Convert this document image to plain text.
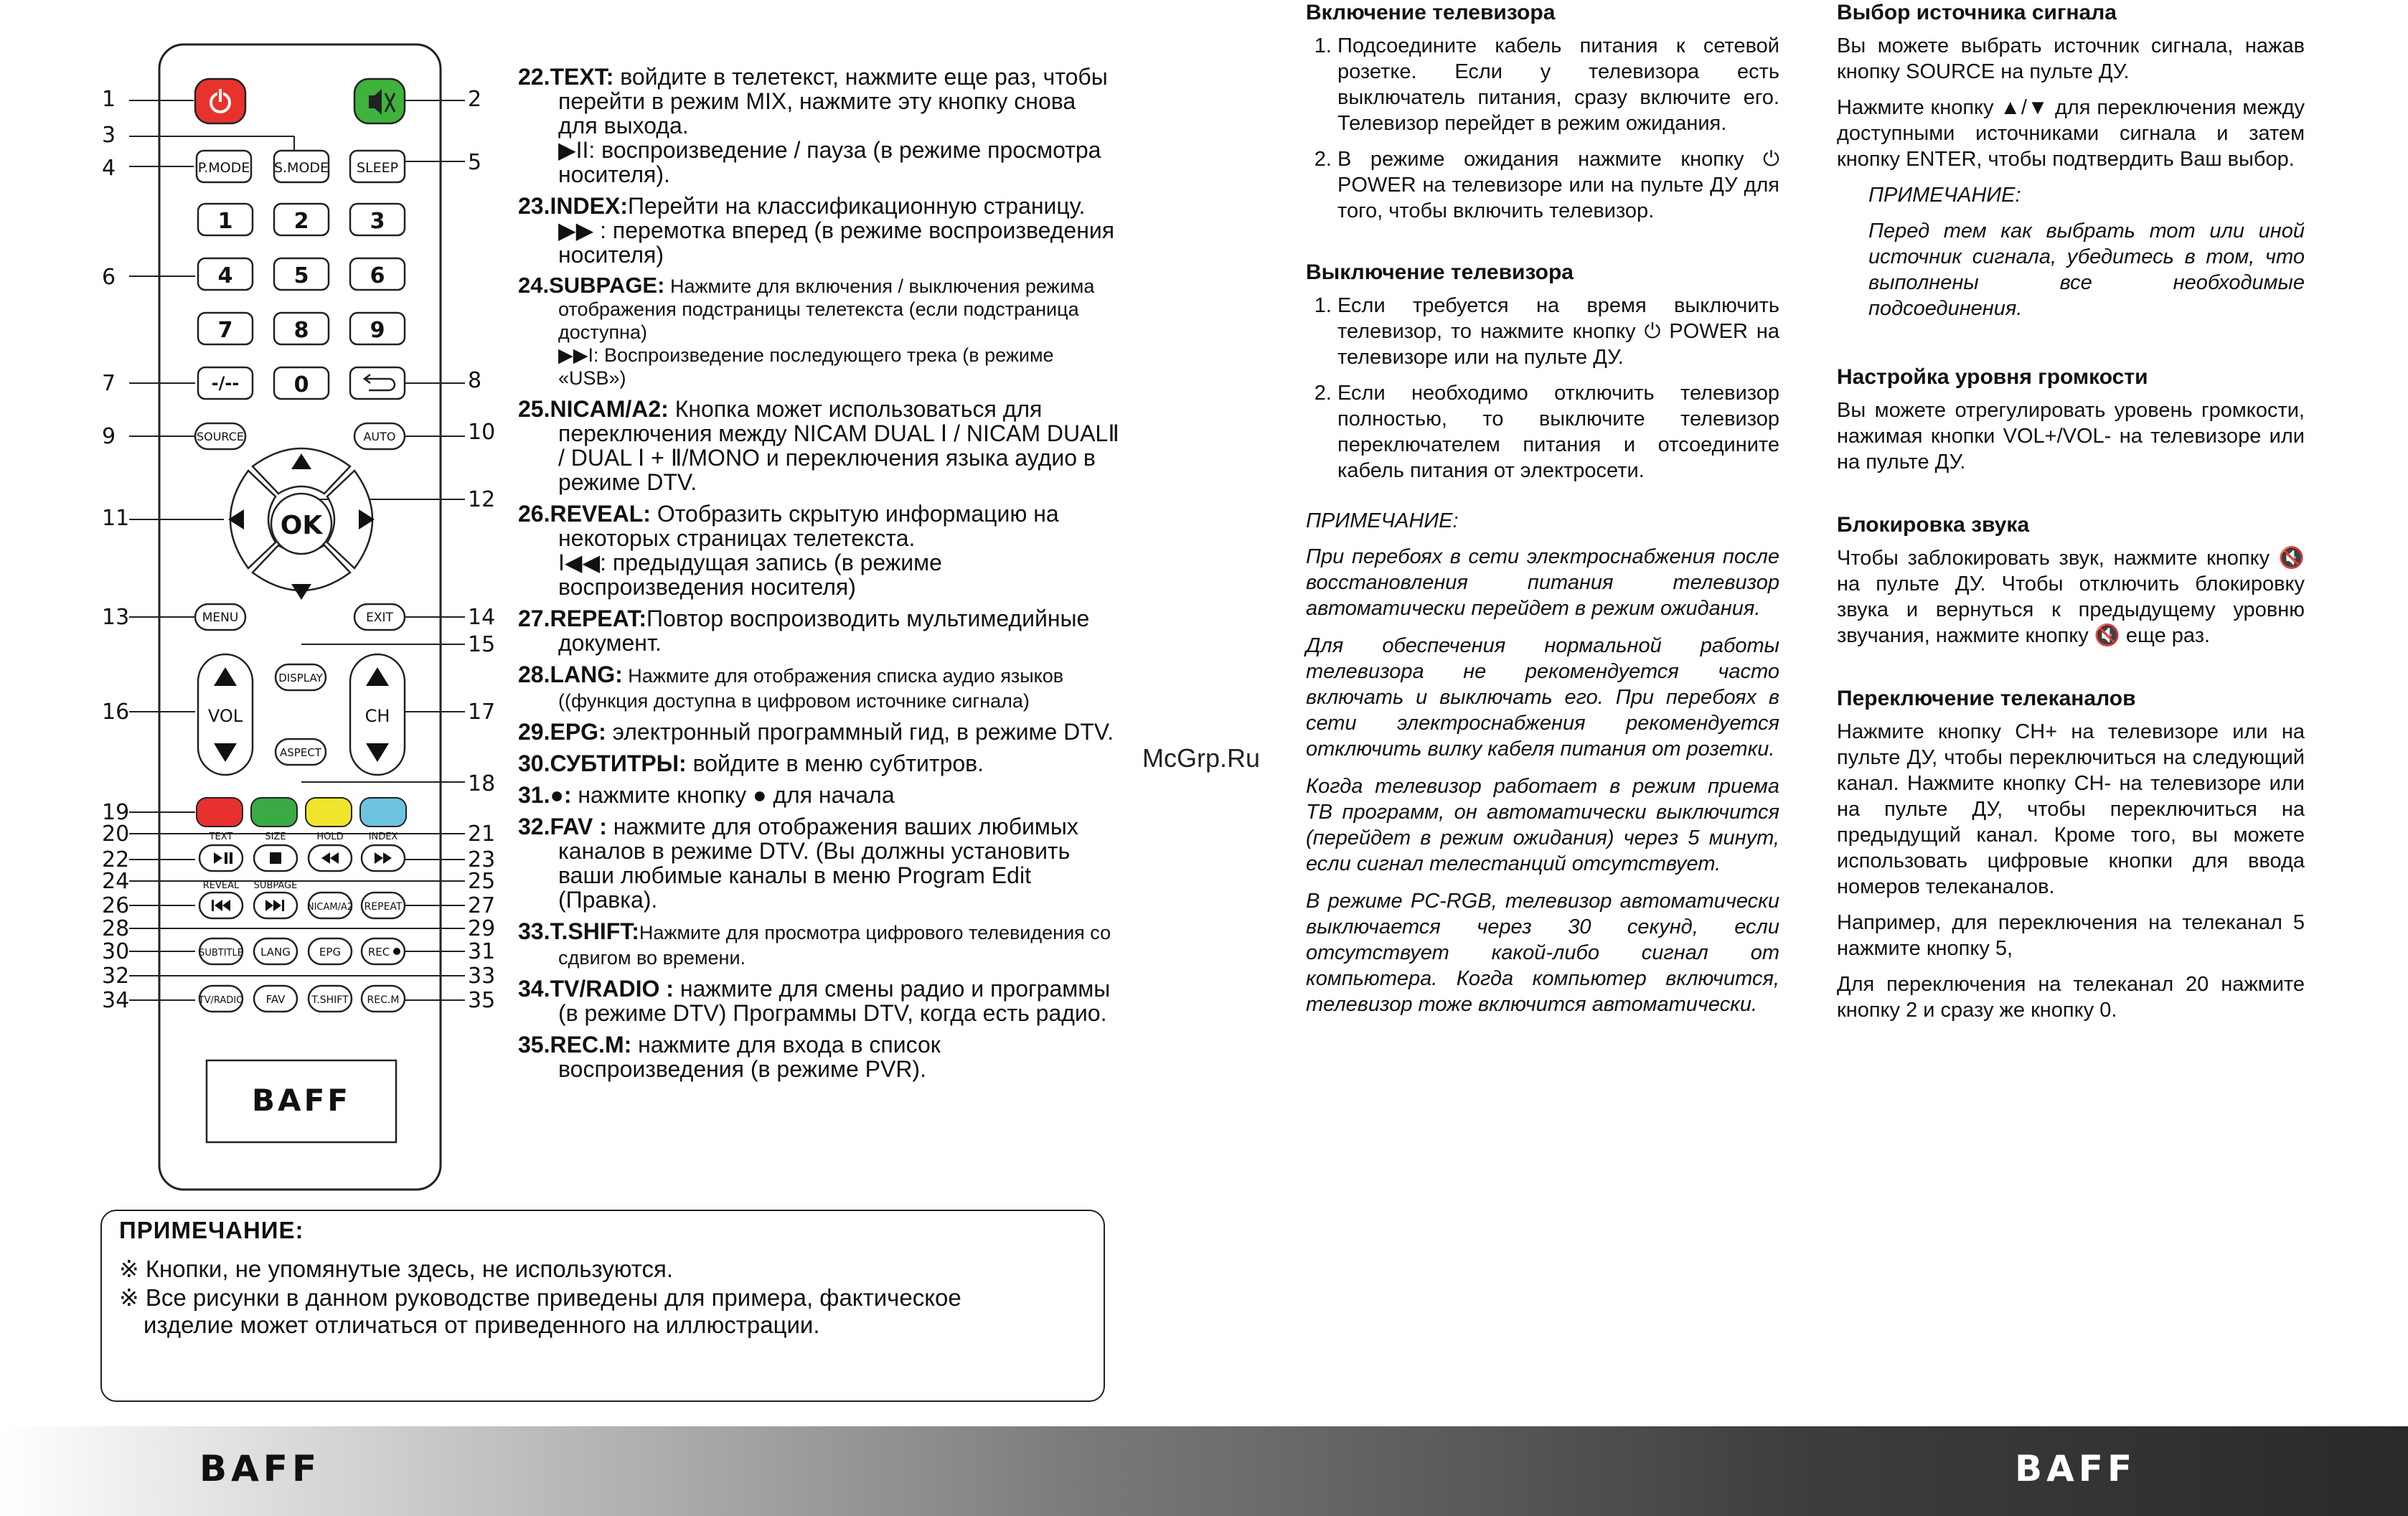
1	2
3
4	5
6
7	8
9	10
11
12
13	14
15
16	17
18
19
20	21
22	23
24	25
26	27
28	29
30	31
32	33
34	35
P.MODE S.MODE SLEEP
1	2	3
4	5	6
7	8	9
-/--	0
SOURCE	AUTO
OK
MENU	EXIT
VOL	CH
DISPLAY
ASPECT
TEXT	SIZE	HOLD	INDEX
REVEAL SUBPAGE
NICAM/A2 REPEAT
SUBTITLE LANG	EPG	REC
TV/RADIO FAV	T.SHIFT REC.M
BAFF
22.TEXT: войдите в телетекст, нажмите еще раз, чтобы перейти в режим MIX, нажмите эту кнопку снова для выхода.
▶II: воспроизведение / пауза (в режиме просмотра носителя).
23.INDEX:Перейти на классификационную страницу.
▶▶ : перемотка вперед (в режиме воспроизведения носителя)
24.SUBPAGE: Нажмите для включения / выключения режима отображения подстраницы телетекста (если подстраница доступна)
▶▶I: Воспроизведение последующего трека (в режиме «USB»)
25.NICAM/A2: Кнопка может использоваться для переключения между NICAM DUAL Ⅰ / NICAM DUALⅡ / DUAL Ⅰ + Ⅱ/MONO и переключения языка аудио в режиме DTV.
26.REVEAL: Отобразить скрытую информацию на некоторых страницах телетекста.
I◀◀: предыдущая запись (в режиме воспроизведения носителя)
27.REPEAT:Повтор воспроизводить мультимедийные документ.
28.LANG: Нажмите для отображения списка аудио языков ((функция доступна в цифровом источнике сигнала)
29.EPG: электронный программный гид, в режиме DTV.
30.СУБТИТРЫ: войдите в меню субтитров.
31.●: нажмите кнопку ● для начала
32.FAV : нажмите для отображения ваших любимых каналов в режиме DTV. (Вы должны установить ваши любимые каналы в меню Program Edit (Правка).
33.T.SHIFT:Нажмите для просмотра цифрового телевидения со сдвигом во времени.
34.TV/RADIO : нажмите для смены радио и программы (в режиме DTV) Программы DTV, когда есть радио.
35.REC.M: нажмите для входа в список воспроизведения (в режиме PVR).
ПРИМЕЧАНИЕ:
※ Кнопки, не упомянутые здесь, не используются.
※ Все рисунки в данном руководстве приведены для примера, фактическое
изделие может отличаться от приведенного на иллюстрации.
McGrp.Ru
Включение телевизора
1. Подсоедините кабель питания к сетевой розетке. Если у телевизора есть выключатель питания, сразу включите его. Телевизор перейдет в режим ожидания.
2. В режиме ожидания нажмите кнопку ⏻ POWER на телевизоре или на пульте ДУ для того, чтобы включить телевизор.
Выключение телевизора
1. Если требуется на время выключить телевизор, то нажмите кнопку ⏻ POWER на телевизоре или на пульте ДУ.
2. Если необходимо отключить телевизор полностью, то выключите телевизор переключателем питания и отсоедините кабель питания от электросети.
ПРИМЕЧАНИЕ:

При перебоях в сети электроснабжения после восстановления питания телевизор автоматически перейдет в режим ожидания.

Для обеспечения нормальной работы телевизора не рекомендуется часто включать и выключать его. При перебоях в сети электроснабжения рекомендуется отключить вилку кабеля питания от розетки.

Когда телевизор работает в режим приема ТВ программ, он автоматически выключится (перейдет в режим ожидания) через 5 минут, если сигнал телестанций отсутствует.

В режиме PC-RGB, телевизор автоматически выключается через 30 секунд, если отсутствует какой-либо сигнал от компьютера. Когда компьютер включится, телевизор тоже включится автоматически.

Выбор источника сигнала

Вы можете выбрать источник сигнала, нажав кнопку SOURCE на пульте ДУ.

Нажмите кнопку ▲/▼ для переключения между доступными источниками сигнала и затем кнопку ENTER, чтобы подтвердить Ваш выбор.

ПРИМЕЧАНИЕ:

Перед тем как выбрать тот или иной источник сигнала, убедитесь в том, что выполнены все необходимые подсоединения.

Настройка уровня громкости

Вы можете отрегулировать уровень громкости, нажимая кнопки VOL+/VOL- на телевизоре или на пульте ДУ.

Блокировка звука

Чтобы заблокировать звук, нажмите кнопку 🔇 на пульте ДУ. Чтобы отключить блокировку звука и вернуться к предыдущему уровню звучания, нажмите кнопку 🔇 еще раз.

Переключение телеканалов

Нажмите кнопку CH+ на телевизоре или на пульте ДУ, чтобы переключиться на следующий канал. Нажмите кнопку CH- на телевизоре или на пульте ДУ, чтобы переключиться на предыдущий канал. Кроме того, вы можете использовать цифровые кнопки для ввода номеров телеканалов.

Например, для переключения на телеканал 5 нажмите кнопку 5,

Для переключения на телеканал 20 нажмите кнопку 2 и сразу же кнопку 0.

BAFF	BAFF
